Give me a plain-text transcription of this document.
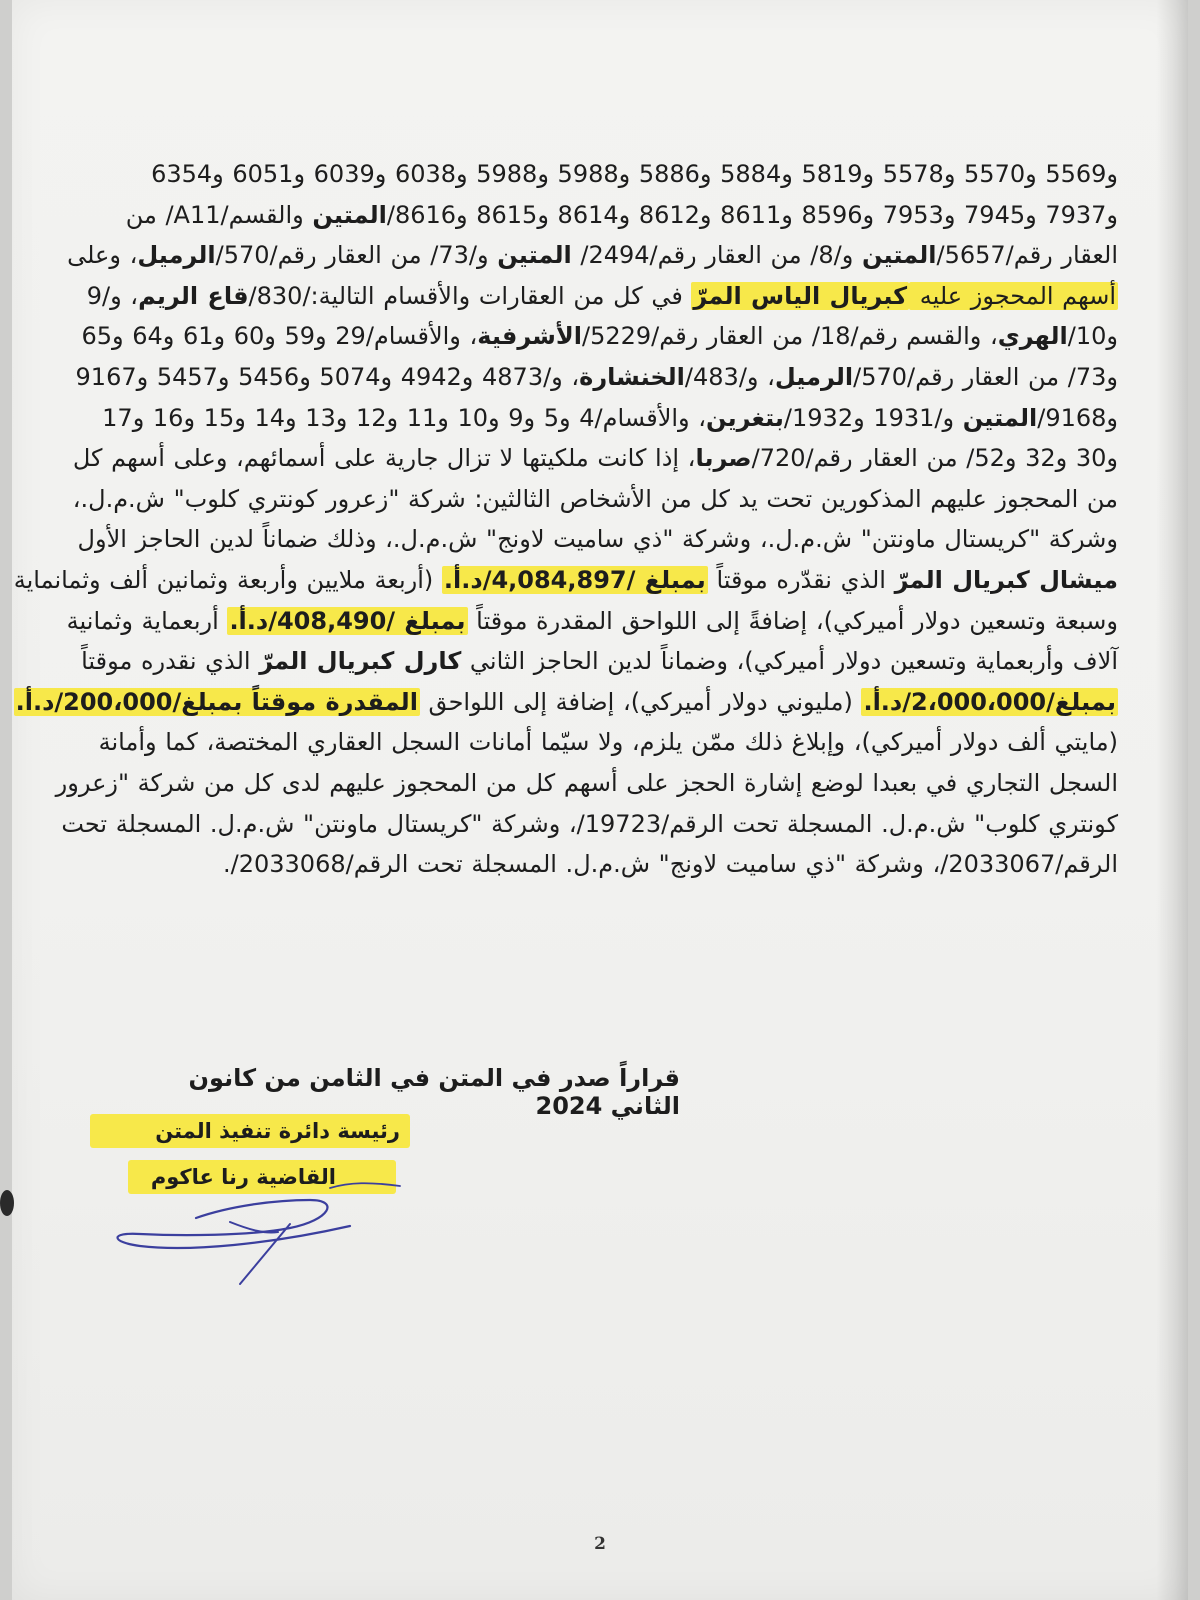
و5569 و5570 و5578 و5819 و5884 و5886 و5988 و5988 و6038 و6039 و6051 و6354
و7937 و7945 و7953 و8596 و8611 و8612 و8614 و8615 و8616/المتين والقسم/A11/ من
العقار رقم/5657/المتين و/8/ من العقار رقم/2494/ المتين و/73/ من العقار رقم/570/الرميل، وعلى
أسهم المحجوز عليه كبريال الياس المرّ في كل من العقارات والأقسام التالية:/830/قاع الريم، و/9
و10/الهري، والقسم رقم/18/ من العقار رقم/5229/الأشرفية، والأقسام/29 و59 و60 و61 و64 و65
و73/ من العقار رقم/570/الرميل، و/483/الخنشارة، و/4873 و4942 و5074 و5456 و5457 و9167
و9168/المتين و/1931 و1932/بتغرين، والأقسام/4 و5 و9 و10 و11 و12 و13 و14 و15 و16 و17
و30 و32 و52/ من العقار رقم/720/صربا، إذا كانت ملكيتها لا تزال جارية على أسمائهم، وعلى أسهم كل
من المحجوز عليهم المذكورين تحت يد كل من الأشخاص الثالثين: شركة "زعرور كونتري كلوب" ش.م.ل.،
وشركة "كريستال ماونتن" ش.م.ل.، وشركة "ذي ساميت لاونج" ش.م.ل.، وذلك ضماناً لدين الحاجز الأول
ميشال كبريال المرّ الذي نقدّره موقتاً بمبلغ /4,084,897/د.أ. (أربعة ملايين وأربعة وثمانين ألف وثمانماية
وسبعة وتسعين دولار أميركي)، إضافةً إلى اللواحق المقدرة موقتاً بمبلغ /408,490/د.أ. أربعماية وثمانية
آلاف وأربعماية وتسعين دولار أميركي)، وضماناً لدين الحاجز الثاني كارل كبريال المرّ الذي نقدره موقتاً
بمبلغ/2،000،000/د.أ. (مليوني دولار أميركي)، إضافة إلى اللواحق المقدرة موقتاً بمبلغ/200،000/د.أ.
(مايتي ألف دولار أميركي)، وإبلاغ ذلك ممّن يلزم، ولا سيّما أمانات السجل العقاري المختصة، كما وأمانة
السجل التجاري في بعبدا لوضع إشارة الحجز على أسهم كل من المحجوز عليهم لدى كل من شركة "زعرور
كونتري كلوب" ش.م.ل. المسجلة تحت الرقم/19723/، وشركة "كريستال ماونتن" ش.م.ل. المسجلة تحت
الرقم/2033067/، وشركة "ذي ساميت لاونج" ش.م.ل. المسجلة تحت الرقم/2033068/.
قراراً صدر في المتن في الثامن من كانون الثاني 2024
رئيسة دائرة تنفيذ المتن
القاضية رنا عاكوم
2
